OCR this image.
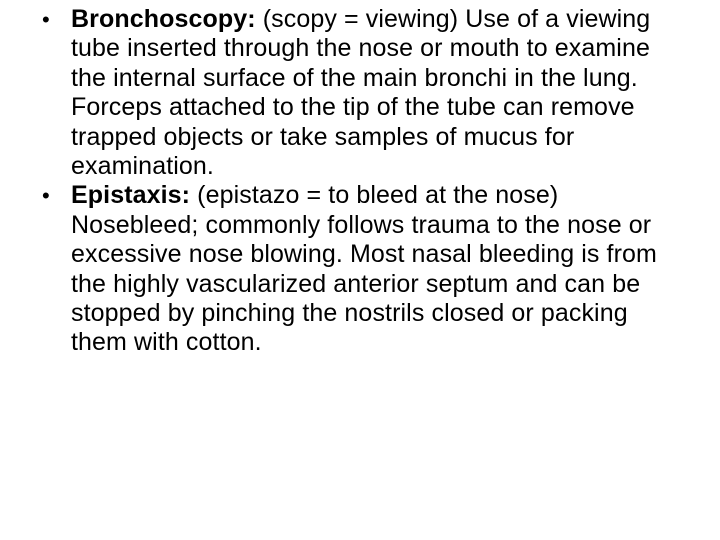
• Bronchoscopy: (scopy = viewing) Use of a viewing tube inserted through the nose or mouth to examine the internal surface of the main bronchi in the lung. Forceps attached to the tip of the tube can remove trapped objects or take samples of mucus for examination.
• Epistaxis: (epistazo = to bleed at the nose) Nosebleed; commonly follows trauma to the nose or excessive nose blowing. Most nasal bleeding is from the highly vascularized anterior septum and can be stopped by pinching the nostrils closed or packing them with cotton.
